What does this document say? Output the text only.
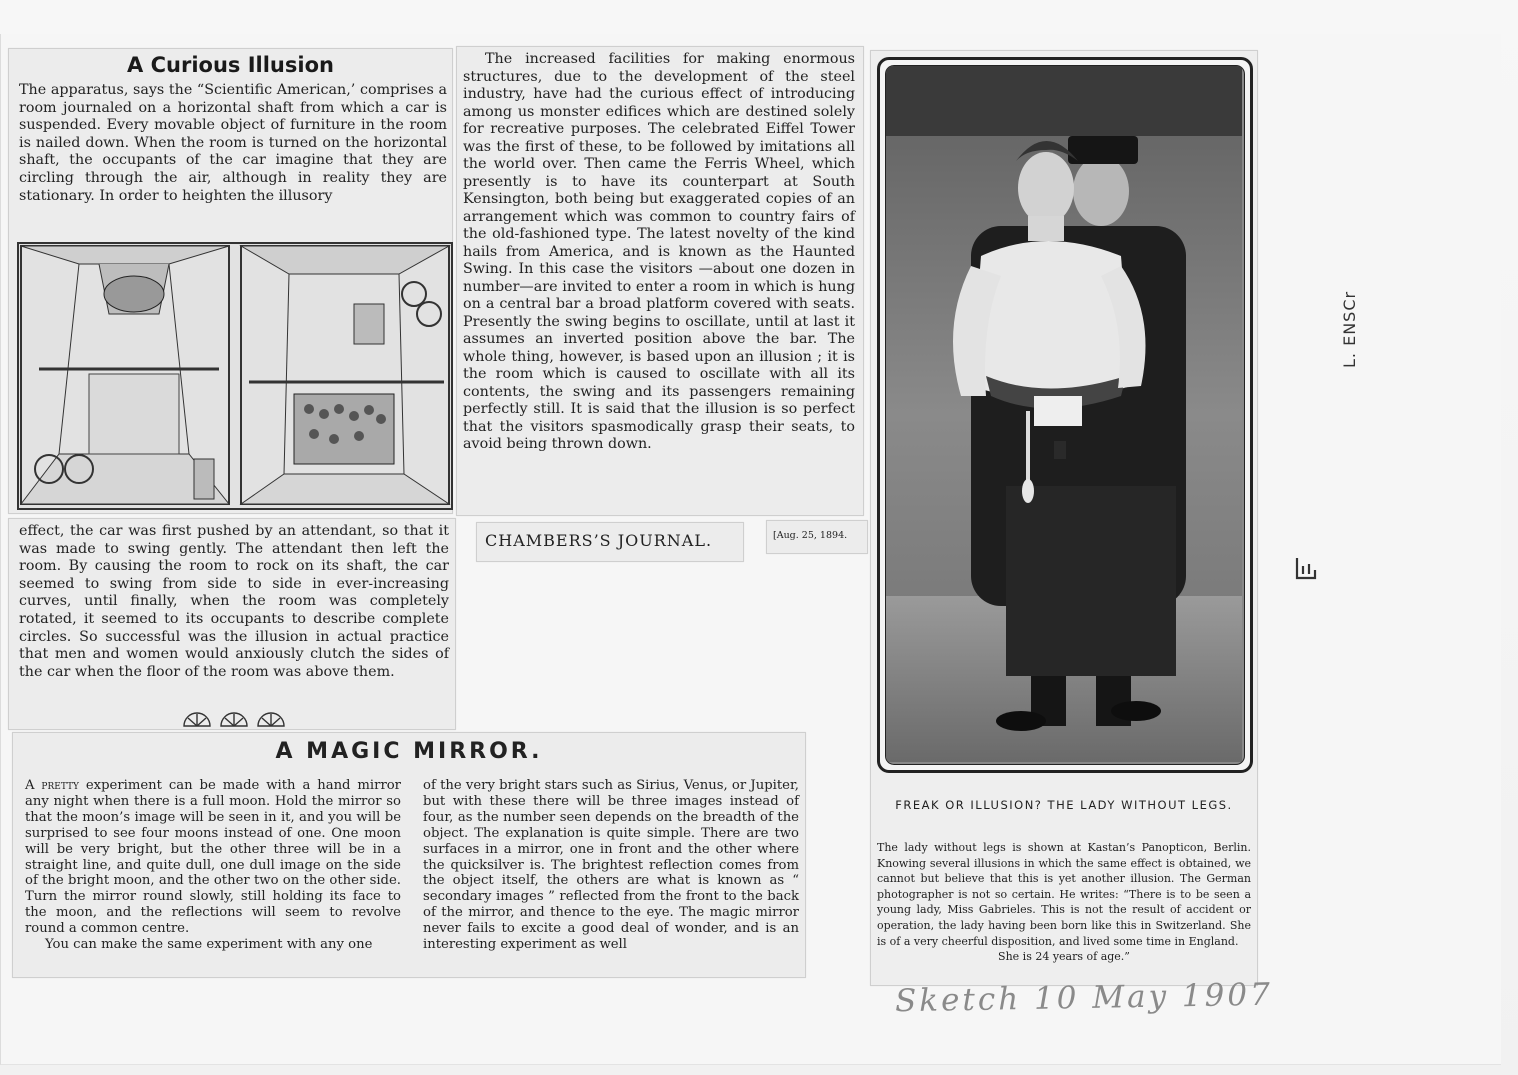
A Curious Illusion

The apparatus, says the “Scientific American,’ comprises a room journaled on a horizontal shaft from which a car is suspended. Every movable object of furniture in the room is nailed down. When the room is turned on the horizontal shaft, the occupants of the car imagine that they are circling through the air, although in reality they are stationary. In order to heighten the illusory

effect, the car was first pushed by an attendant, so that it was made to swing gently. The attendant then left the room. By causing the room to rock on its shaft, the car seemed to swing from side to side in ever-increasing curves, until finally, when the room was completely rotated, it seemed to its occupants to describe complete circles. So successful was the illusion in actual practice that men and women would anxiously clutch the sides of the car when the floor of the room was above them.

The increased facilities for making enormous structures, due to the development of the steel industry, have had the curious effect of introducing among us monster edifices which are destined solely for recreative purposes. The celebrated Eiffel Tower was the first of these, to be followed by imitations all the world over. Then came the Ferris Wheel, which presently is to have its counterpart at South Kensington, both being but exaggerated copies of an arrangement which was common to country fairs of the old-fashioned type. The latest novelty of the kind hails from America, and is known as the Haunted Swing. In this case the visitors —about one dozen in number—are invited to enter a room in which is hung on a central bar a broad platform covered with seats. Presently the swing begins to oscillate, until at last it assumes an inverted position above the bar. The whole thing, however, is based upon an illusion ; it is the room which is caused to oscillate with all its contents, the swing and its passengers remaining perfectly still. It is said that the illusion is so perfect that the visitors spasmodically grasp their seats, to avoid being thrown down.

CHAMBERS’S JOURNAL.	[Aug. 25, 1894.
A MAGIC MIRROR.

A pretty experiment can be made with a hand mirror any night when there is a full moon. Hold the mirror so that the moon’s image will be seen in it, and you will be surprised to see four moons instead of one. One moon will be very bright, but the other three will be in a straight line, and quite dull, one dull image on the side of the bright moon, and the other two on the other side. Turn the mirror round slowly, still holding its face to the moon, and the reflections will seem to revolve round a common centre.
You can make the same experiment with any one

of the very bright stars such as Sirius, Venus, or Jupiter, but with these there will be three images instead of four, as the number seen depends on the breadth of the object. The explanation is quite simple. There are two surfaces in a mirror, one in front and the other where the quicksilver is. The brightest reflection comes from the object itself, the others are what is known as “ secondary images ” reflected from the front to the back of the mirror, and thence to the eye. The magic mirror never fails to excite a good deal of wonder, and is an interesting experiment as well

FREAK OR ILLUSION? THE LADY WITHOUT LEGS.

The lady without legs is shown at Kastan’s Panopticon, Berlin. Knowing several illusions in which the same effect is obtained, we cannot but believe that this is yet another illusion. The German photographer is not so certain. He writes: “There is to be seen a young lady, Miss Gabrieles. This is not the result of accident or operation, the lady having been born like this in Switzerland. She is of a very cheerful disposition, and lived some time in England.
She is 24 years of age.”

Sketch 10 May 1907
L. ENSCr
